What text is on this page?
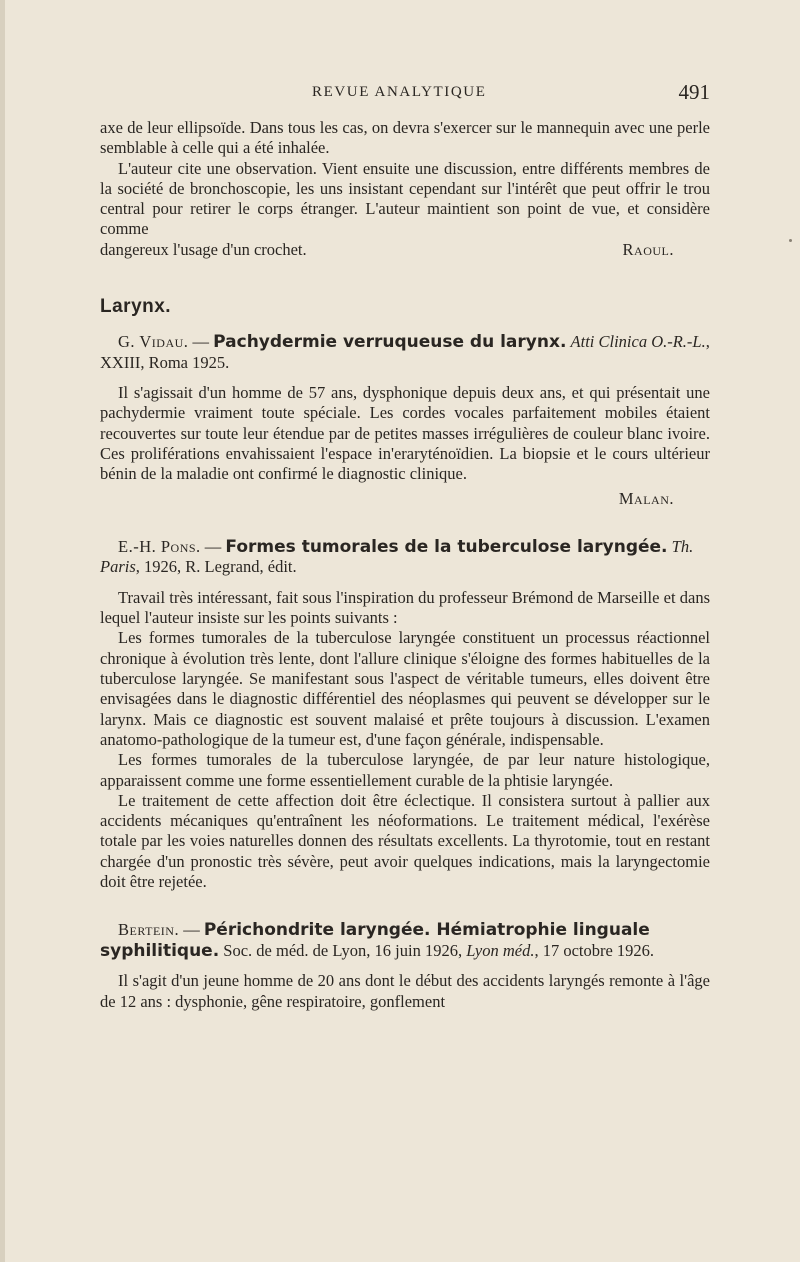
REVUE ANALYTIQUE	491

axe de leur ellipsoïde. Dans tous les cas, on devra s'exercer sur le mannequin avec une perle semblable à celle qui a été inhalée.

L'auteur cite une observation. Vient ensuite une discussion, entre différents membres de la société de bronchoscopie, les uns insistant cependant sur l'intérêt que peut offrir le trou central pour retirer le corps étranger. L'auteur maintient son point de vue, et considère comme

dangereux l'usage d'un crochet.	Raoul.
Larynx.

G. Vidau. — Pachydermie verruqueuse du larynx. Atti Clinica O.-R.-L., XXIII, Roma 1925.

Il s'agissait d'un homme de 57 ans, dysphonique depuis deux ans, et qui présentait une pachydermie vraiment toute spéciale. Les cordes vocales parfaitement mobiles étaient recouvertes sur toute leur étendue par de petites masses irrégulières de couleur blanc ivoire. Ces proliférations envahissaient l'espace in'eraryténoïdien. La biopsie et le cours ultérieur bénin de la maladie ont confirmé le diagnostic clinique.

Malan.

E.-H. Pons. — Formes tumorales de la tuberculose laryngée. Th. Paris, 1926, R. Legrand, édit.

Travail très intéressant, fait sous l'inspiration du professeur Brémond de Marseille et dans lequel l'auteur insiste sur les points suivants :

Les formes tumorales de la tuberculose laryngée constituent un processus réactionnel chronique à évolution très lente, dont l'allure clinique s'éloigne des formes habituelles de la tuberculose laryngée. Se manifestant sous l'aspect de véritable tumeurs, elles doivent être envisagées dans le diagnostic différentiel des néoplasmes qui peuvent se développer sur le larynx. Mais ce diagnostic est souvent malaisé et prête toujours à discussion. L'examen anatomo-pathologique de la tumeur est, d'une façon générale, indispensable.

Les formes tumorales de la tuberculose laryngée, de par leur nature histologique, apparaissent comme une forme essentiellement curable de la phtisie laryngée.

Le traitement de cette affection doit être éclectique. Il consistera surtout à pallier aux accidents mécaniques qu'entraînent les néoformations. Le traitement médical, l'exérèse totale par les voies naturelles donnen des résultats excellents. La thyrotomie, tout en restant chargée d'un pronostic très sévère, peut avoir quelques indications, mais la laryngectomie doit être rejetée.

Bertein. — Périchondrite laryngée. Hémiatrophie linguale syphilitique. Soc. de méd. de Lyon, 16 juin 1926, Lyon méd., 17 octobre 1926.

Il s'agit d'un jeune homme de 20 ans dont le début des accidents laryngés remonte à l'âge de 12 ans : dysphonie, gêne respiratoire, gonflement
